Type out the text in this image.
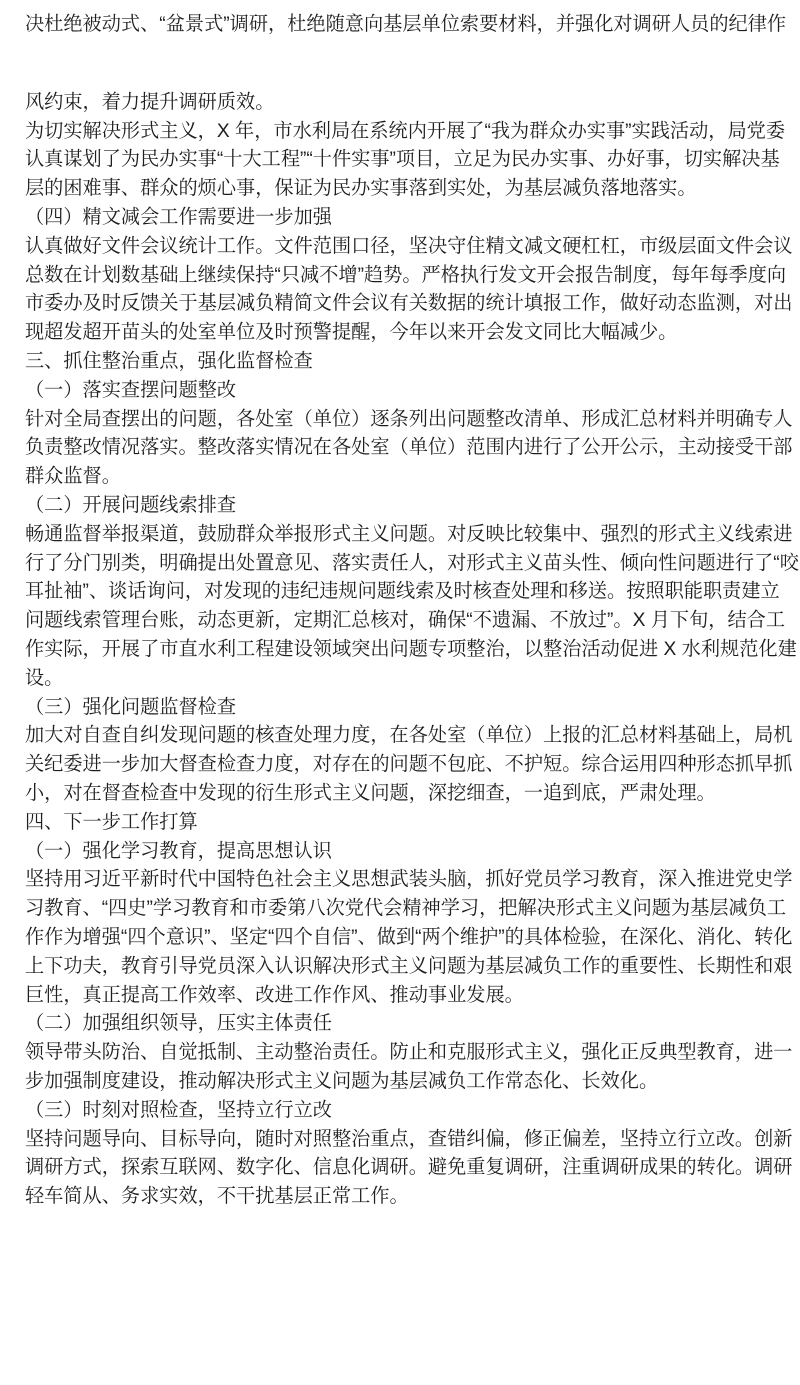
决杜绝被动式、“盆景式”调研，杜绝随意向基层单位索要材料，并强化对调研人员的纪律作
风约束，着力提升调研质效。
为切实解决形式主义，X 年，市水利局在系统内开展了“我为群众办实事”实践活动，局党委
认真谋划了为民办实事“十大工程”“十件实事”项目，立足为民办实事、办好事，切实解决基
层的困难事、群众的烦心事，保证为民办实事落到实处，为基层减负落地落实。
（四）精文减会工作需要进一步加强
认真做好文件会议统计工作。文件范围口径，坚决守住精文减文硬杠杠，市级层面文件会议
总数在计划数基础上继续保持“只减不增”趋势。严格执行发文开会报告制度，每年每季度向
市委办及时反馈关于基层减负精简文件会议有关数据的统计填报工作，做好动态监测，对出
现超发超开苗头的处室单位及时预警提醒，今年以来开会发文同比大幅减少。
三、抓住整治重点，强化监督检查
（一）落实查摆问题整改
针对全局查摆出的问题，各处室（单位）逐条列出问题整改清单、形成汇总材料并明确专人
负责整改情况落实。整改落实情况在各处室（单位）范围内进行了公开公示，主动接受干部
群众监督。
（二）开展问题线索排查
畅通监督举报渠道，鼓励群众举报形式主义问题。对反映比较集中、强烈的形式主义线索进
行了分门别类，明确提出处置意见、落实责任人，对形式主义苗头性、倾向性问题进行了“咬
耳扯袖”、谈话询问，对发现的违纪违规问题线索及时核查处理和移送。按照职能职责建立
问题线索管理台账，动态更新，定期汇总核对，确保“不遗漏、不放过”。X 月下旬，结合工
作实际，开展了市直水利工程建设领域突出问题专项整治，以整治活动促进 X 水利规范化建
设。
（三）强化问题监督检查
加大对自查自纠发现问题的核查处理力度，在各处室（单位）上报的汇总材料基础上，局机
关纪委进一步加大督查检查力度，对存在的问题不包庇、不护短。综合运用四种形态抓早抓
小，对在督查检查中发现的衍生形式主义问题，深挖细查，一追到底，严肃处理。
四、下一步工作打算
（一）强化学习教育，提高思想认识
坚持用习近平新时代中国特色社会主义思想武装头脑，抓好党员学习教育，深入推进党史学
习教育、“四史”学习教育和市委第八次党代会精神学习，把解决形式主义问题为基层减负工
作作为增强“四个意识”、坚定“四个自信”、做到“两个维护”的具体检验，在深化、消化、转化
上下功夫，教育引导党员深入认识解决形式主义问题为基层减负工作的重要性、长期性和艰
巨性，真正提高工作效率、改进工作作风、推动事业发展。
（二）加强组织领导，压实主体责任
领导带头防治、自觉抵制、主动整治责任。防止和克服形式主义，强化正反典型教育，进一
步加强制度建设，推动解决形式主义问题为基层减负工作常态化、长效化。
（三）时刻对照检查，坚持立行立改
坚持问题导向、目标导向，随时对照整治重点，查错纠偏，修正偏差，坚持立行立改。创新
调研方式，探索互联网、数字化、信息化调研。避免重复调研，注重调研成果的转化。调研
轻车简从、务求实效，不干扰基层正常工作。
